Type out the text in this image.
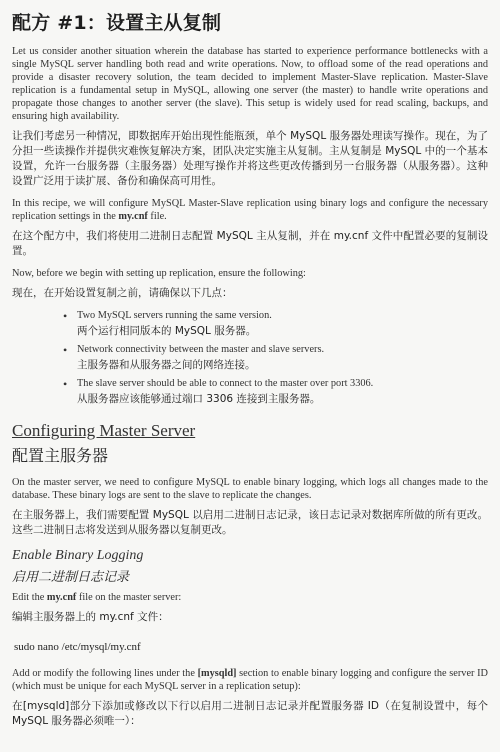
配方 #1：设置主从复制

Let us consider another situation wherein the database has started to experience performance bottlenecks with a single MySQL server handling both read and write operations. Now, to offload some of the read operations and provide a disaster recovery solution, the team decided to implement Master-Slave replication. Master-Slave replication is a fundamental setup in MySQL, allowing one server (the master) to handle write operations and propagate those changes to another server (the slave). This setup is widely used for read scaling, backups, and ensuring high availability.

让我们考虑另一种情况，即数据库开始出现性能瓶颈，单个 MySQL 服务器处理读写操作。现在，为了分担一些读操作并提供灾难恢复解决方案，团队决定实施主从复制。主从复制是 MySQL 中的一个基本设置，允许一台服务器（主服务器）处理写操作并将这些更改传播到另一台服务器（从服务器）。这种设置广泛用于读扩展、备份和确保高可用性。

In this recipe, we will configure MySQL Master-Slave replication using binary logs and configure the necessary replication settings in the my.cnf file.

在这个配方中，我们将使用二进制日志配置 MySQL 主从复制，并在 my.cnf 文件中配置必要的复制设置。

Now, before we begin with setting up replication, ensure the following:

现在，在开始设置复制之前，请确保以下几点：

• Two MySQL servers running the same version.

两个运行相同版本的 MySQL 服务器。

• Network connectivity between the master and slave servers.

主服务器和从服务器之间的网络连接。

• The slave server should be able to connect to the master over port 3306.

从服务器应该能够通过端口 3306 连接到主服务器。

Configuring Master Server
配置主服务器

On the master server, we need to configure MySQL to enable binary logging, which logs all changes made to the database. These binary logs are sent to the slave to replicate the changes.

在主服务器上，我们需要配置 MySQL 以启用二进制日志记录，该日志记录对数据库所做的所有更改。这些二进制日志将发送到从服务器以复制更改。

Enable Binary Logging
启用二进制日志记录

Edit the my.cnf file on the master server:

编辑主服务器上的 my.cnf 文件：

sudo nano /etc/mysql/my.cnf

Add or modify the following lines under the [mysqld] section to enable binary logging and configure the server ID (which must be unique for each MySQL server in a replication setup):

在[mysqld]部分下添加或修改以下行以启用二进制日志记录并配置服务器 ID（在复制设置中，每个 MySQL 服务器必须唯一）：
